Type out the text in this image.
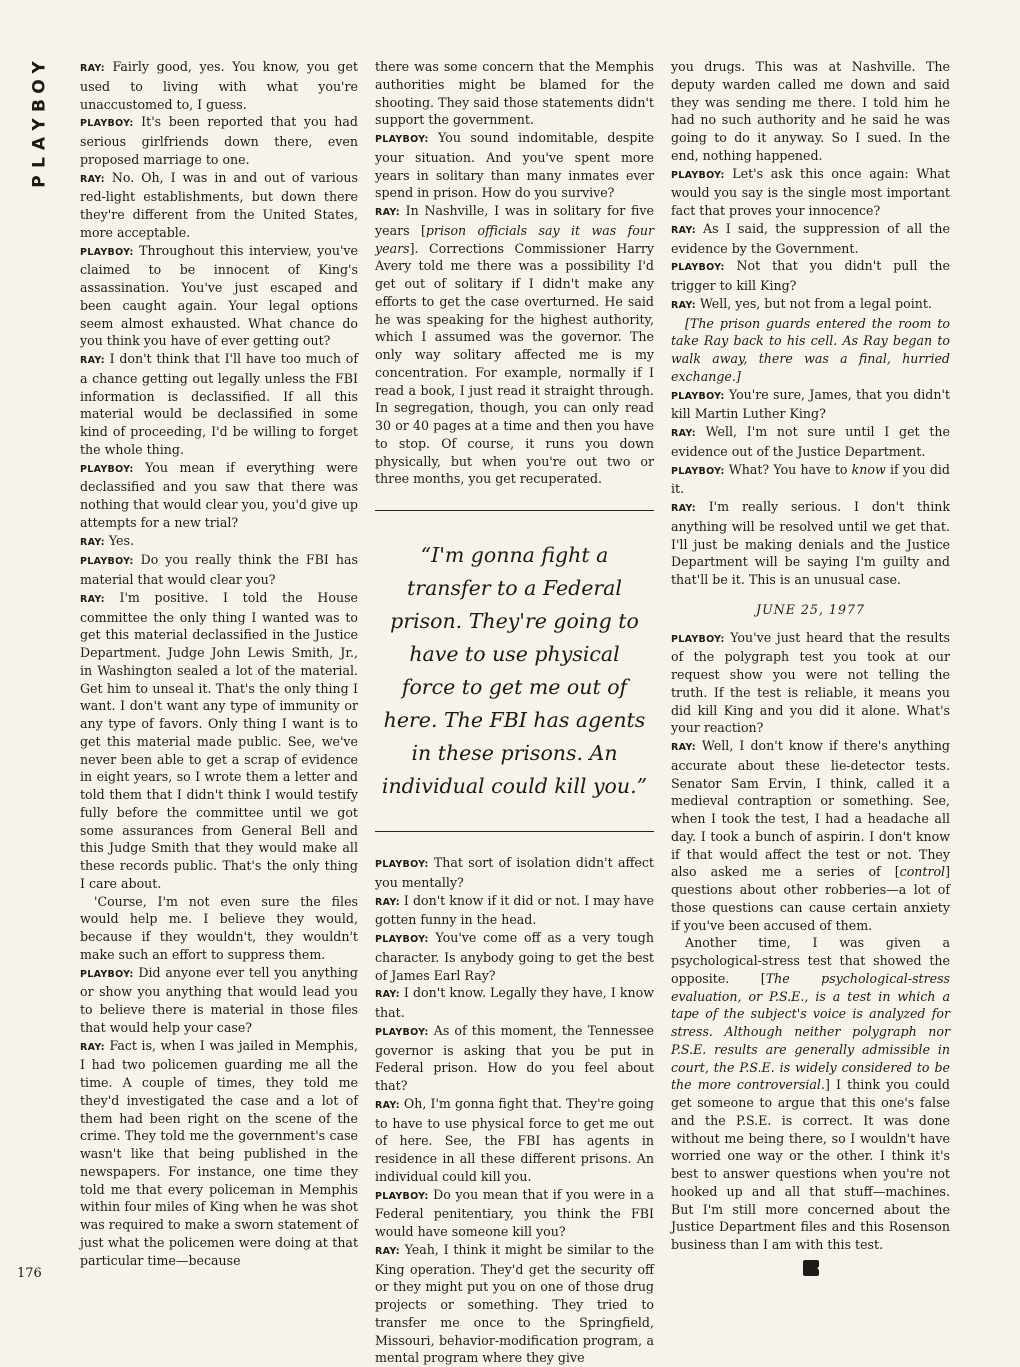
Y
O
B
Y
A
L
P
176

RAY: Fairly good, yes. You know, you get used to living with what you're unaccustomed to, I guess.

PLAYBOY: It's been reported that you had serious girlfriends down there, even proposed marriage to one.

RAY: No. Oh, I was in and out of various red-light establishments, but down there they're different from the United States, more acceptable.

PLAYBOY: Throughout this interview, you've claimed to be innocent of King's assassination. You've just escaped and been caught again. Your legal options seem almost exhausted. What chance do you think you have of ever getting out?

RAY: I don't think that I'll have too much of a chance getting out legally unless the FBI information is declassified. If all this material would be declassified in some kind of proceeding, I'd be willing to forget the whole thing.

PLAYBOY: You mean if everything were declassified and you saw that there was nothing that would clear you, you'd give up attempts for a new trial?

RAY: Yes.

PLAYBOY: Do you really think the FBI has material that would clear you?

RAY: I'm positive. I told the House committee the only thing I wanted was to get this material declassified in the Justice Department. Judge John Lewis Smith, Jr., in Washington sealed a lot of the material. Get him to unseal it. That's the only thing I want. I don't want any type of immunity or any type of favors. Only thing I want is to get this material made public. See, we've never been able to get a scrap of evidence in eight years, so I wrote them a letter and told them that I didn't think I would testify fully before the committee until we got some assurances from General Bell and this Judge Smith that they would make all these records public. That's the only thing I care about.

'Course, I'm not even sure the files would help me. I believe they would, because if they wouldn't, they wouldn't make such an effort to suppress them.

PLAYBOY: Did anyone ever tell you anything or show you anything that would lead you to believe there is material in those files that would help your case?

RAY: Fact is, when I was jailed in Memphis, I had two policemen guarding me all the time. A couple of times, they told me they'd investigated the case and a lot of them had been right on the scene of the crime. They told me the government's case wasn't like that being published in the newspapers. For instance, one time they told me that every policeman in Memphis within four miles of King when he was shot was required to make a sworn statement of just what the policemen were doing at that particular time—because

there was some concern that the Memphis authorities might be blamed for the shooting. They said those statements didn't support the government.

PLAYBOY: You sound indomitable, despite your situation. And you've spent more years in solitary than many inmates ever spend in prison. How do you survive?

RAY: In Nashville, I was in solitary for five years [prison officials say it was four years]. Corrections Commissioner Harry Avery told me there was a possibility I'd get out of solitary if I didn't make any efforts to get the case overturned. He said he was speaking for the highest authority, which I assumed was the governor. The only way solitary affected me is my concentration. For example, normally if I read a book, I just read it straight through. In segregation, though, you can only read 30 or 40 pages at a time and then you have to stop. Of course, it runs you down physically, but when you're out two or three months, you get recuperated.

“I'm gonna fight a transfer to a Federal prison. They're going to have to use physical force to get me out of here. The FBI has agents in these prisons. An individual could kill you.”

PLAYBOY: That sort of isolation didn't affect you mentally?

RAY: I don't know if it did or not. I may have gotten funny in the head.

PLAYBOY: You've come off as a very tough character. Is anybody going to get the best of James Earl Ray?

RAY: I don't know. Legally they have, I know that.

PLAYBOY: As of this moment, the Tennessee governor is asking that you be put in Federal prison. How do you feel about that?

RAY: Oh, I'm gonna fight that. They're going to have to use physical force to get me out of here. See, the FBI has agents in residence in all these different prisons. An individual could kill you.

PLAYBOY: Do you mean that if you were in a Federal penitentiary, you think the FBI would have someone kill you?

RAY: Yeah, I think it might be similar to the King operation. They'd get the security off or they might put you on one of those drug projects or something. They tried to transfer me once to the Springfield, Missouri, behavior-modification program, a mental program where they give

you drugs. This was at Nashville. The deputy warden called me down and said they was sending me there. I told him he had no such authority and he said he was going to do it anyway. So I sued. In the end, nothing happened.

PLAYBOY: Let's ask this once again: What would you say is the single most important fact that proves your innocence?

RAY: As I said, the suppression of all the evidence by the Government.

PLAYBOY: Not that you didn't pull the trigger to kill King?

RAY: Well, yes, but not from a legal point.

[The prison guards entered the room to take Ray back to his cell. As Ray began to walk away, there was a final, hurried exchange.]

PLAYBOY: You're sure, James, that you didn't kill Martin Luther King?

RAY: Well, I'm not sure until I get the evidence out of the Justice Department.

PLAYBOY: What? You have to know if you did it.

RAY: I'm really serious. I don't think anything will be resolved until we get that. I'll just be making denials and the Justice Department will be saying I'm guilty and that'll be it. This is an unusual case.

JUNE 25, 1977

PLAYBOY: You've just heard that the results of the polygraph test you took at our request show you were not telling the truth. If the test is reliable, it means you did kill King and you did it alone. What's your reaction?

RAY: Well, I don't know if there's anything accurate about these lie-detector tests. Senator Sam Ervin, I think, called it a medieval contraption or something. See, when I took the test, I had a headache all day. I took a bunch of aspirin. I don't know if that would affect the test or not. They also asked me a series of [control] questions about other robberies—a lot of those questions can cause certain anxiety if you've been accused of them.

Another time, I was given a psychological-stress test that showed the opposite. [The psychological-stress evaluation, or P.S.E., is a test in which a tape of the subject's voice is analyzed for stress. Although neither polygraph nor P.S.E. results are generally admissible in court, the P.S.E. is widely considered to be the more controversial.] I think you could get someone to argue that this one's false and the P.S.E. is correct. It was done without me being there, so I wouldn't have worried one way or the other. I think it's best to answer questions when you're not hooked up and all that stuff—machines. But I'm still more concerned about the Justice Department files and this Rosenson business than I am with this test.
♣
